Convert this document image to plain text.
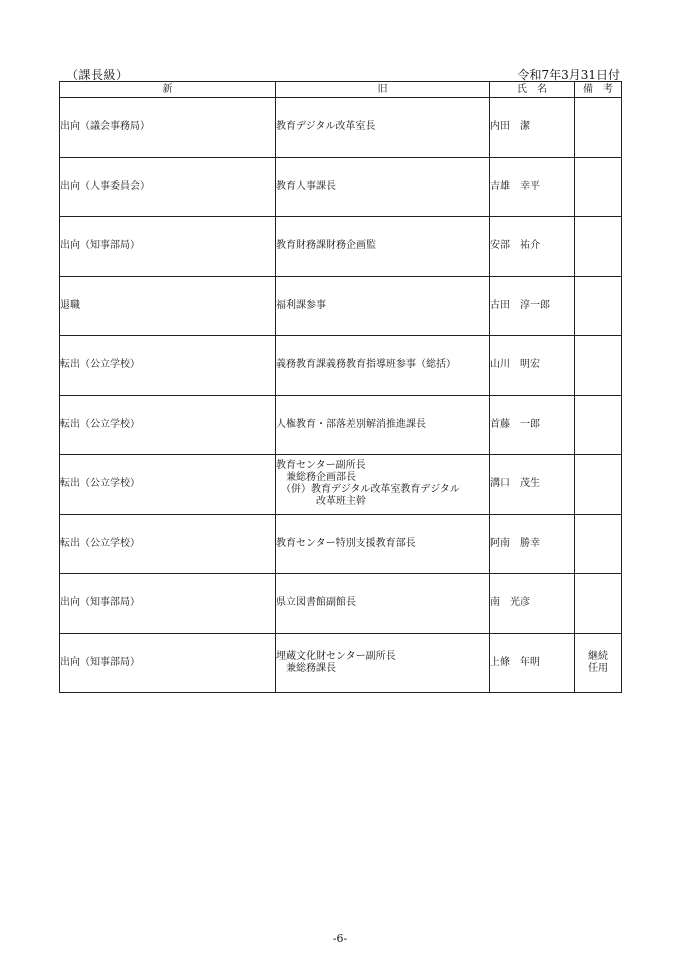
（課長級）	令和7年3月31日付
新	旧	氏　名	備　考
出向（議会事務局）	教育デジタル改革室長	内田　潔	
出向（人事委員会）	教育人事課長	吉雄　幸平	
出向（知事部局）	教育財務課財務企画監	安部　祐介	
退職	福利課参事	古田　淳一郎	
転出（公立学校）	義務教育課義務教育指導班参事（総括）	山川　明宏	
転出（公立学校）	人権教育・部落差別解消推進課長	首藤　一郎	
転出（公立学校）	教育センター副所長
　兼総務企画部長
　（併）教育デジタル改革室教育デジタル
　　　　改革班主幹	溝口　茂生	
転出（公立学校）	教育センター特別支援教育部長	阿南　勝幸	
出向（知事部局）	県立図書館副館長	南　光彦	
出向（知事部局）	埋蔵文化財センター副所長
　兼総務課長	上條　年明	継続
任用
-6-
